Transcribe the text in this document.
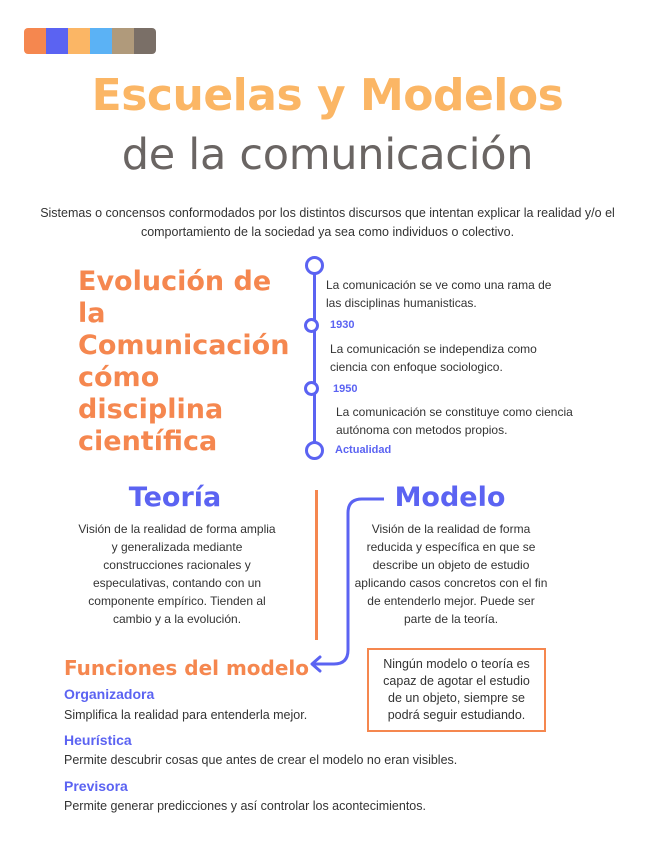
Escuelas y Modelos
de la comunicación
Sistemas o concensos conformodados por los distintos discursos que intentan explicar la realidad y/o el comportamiento de la sociedad ya sea como individuos o colectivo.
Evolución de la Comunicación cómo disciplina científica
La comunicación se ve como una rama de las disciplinas humanisticas.
1930
La comunicación se independiza como ciencia con enfoque sociologico.
1950
La comunicación se constituye como ciencia autónoma con metodos propios.
Actualidad
Teoría
Visión de la realidad de forma amplia y generalizada mediante construcciones racionales y especulativas, contando con un componente empírico. Tienden al cambio y a la evolución.
Modelo
Visión de la realidad de forma reducida y específica en que se describe un objeto de estudio aplicando casos concretos con el fin de entenderlo mejor. Puede ser parte de la teoría.
Funciones del modelo
Organizadora
Simplifica la realidad para entenderla mejor.
Heurística
Permite descubrir cosas que antes de crear el modelo no eran visibles.
Previsora
Permite generar predicciones y así controlar los acontecimientos.
Ningún modelo o teoría es capaz de agotar el estudio de un objeto, siempre se podrá seguir estudiando.
